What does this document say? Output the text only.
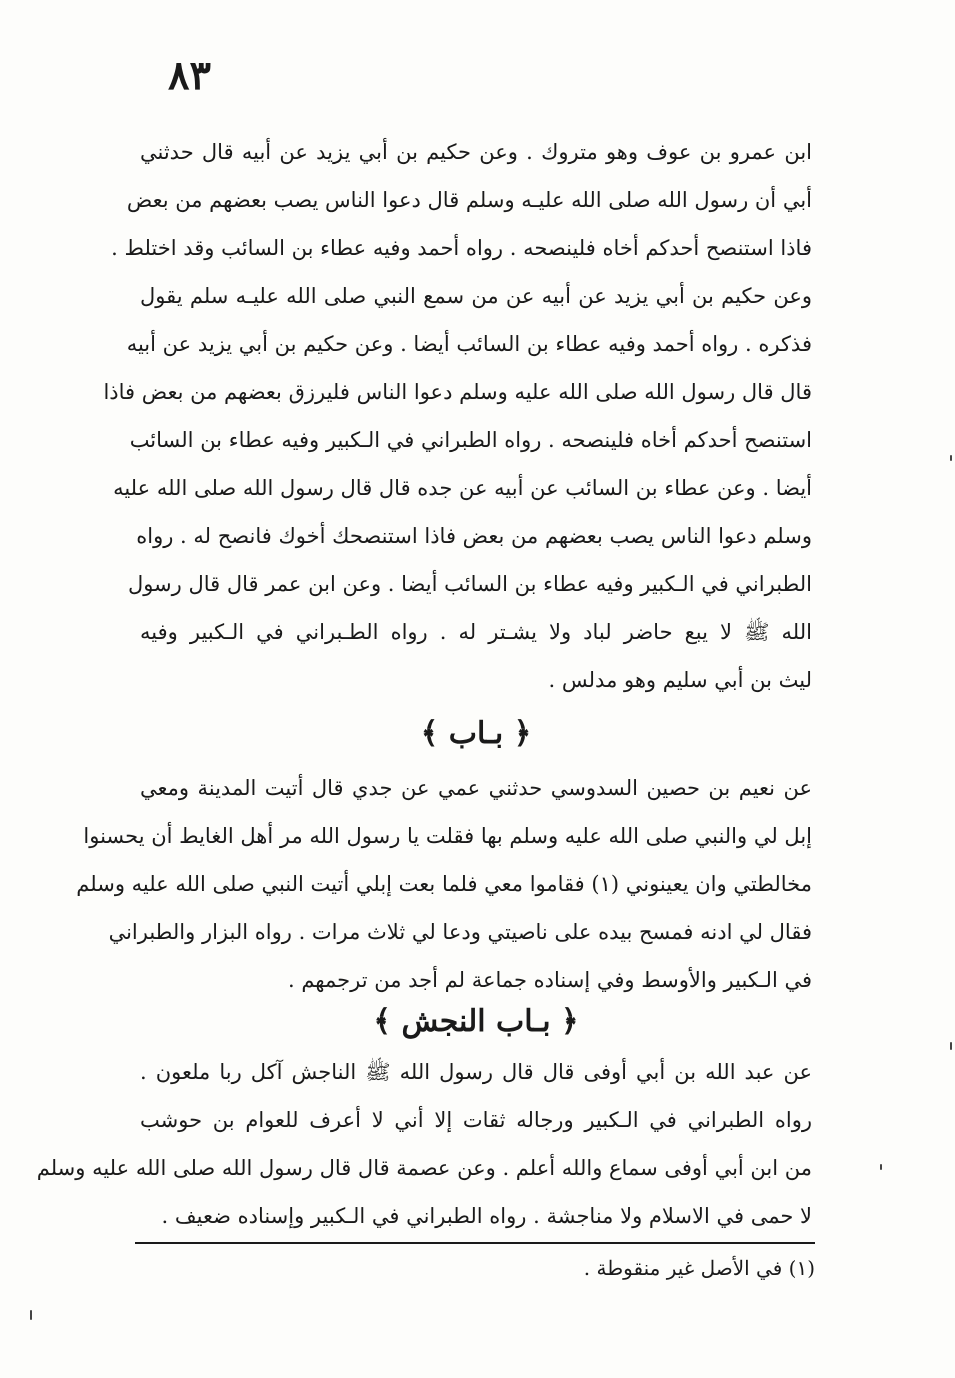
٨٣
ابن عمرو بن عوف وهو متروك . وعن حكيم بن أبي يزيد عن أبيه قال حدثني
أبي أن رسول الله صلى الله عليـه وسلم قال دعوا الناس يصب بعضهم من بعض
فاذا استنصح أحدكم أخاه فلينصحه . رواه أحمد وفيه عطاء بن السائب وقد اختلط .
وعن حكيم بن أبي يزيد عن أبيه عن من سمع النبي صلى الله عليـه سلم يقول
فذكره . رواه أحمد وفيه عطاء بن السائب أيضا . وعن حكيم بن أبي يزيد عن أبيه
قال قال رسول الله صلى الله عليه وسلم دعوا الناس فليرزق بعضهم من بعض فاذا
استنصح أحدكم أخاه فلينصحه . رواه الطبراني في الـكبير وفيه عطاء بن السائب
أيضا . وعن عطاء بن السائب عن أبيه عن جده قال قال رسول الله صلى الله عليه
وسلم دعوا الناس يصب بعضهم من بعض فاذا استنصحك أخوك فانصح له . رواه
الطبراني في الـكبير وفيه عطاء بن السائب أيضا . وعن ابن عمر قال قال رسول
الله ﷺ لا يبع حاضر لباد ولا يشـتر له . رواه الطـبراني في الـكبير وفيه
ليث بن أبي سليم وهو مدلس .
﴿ بـاب ﴾
عن نعيم بن حصين السدوسي حدثني عمي عن جدي قال أتيت المدينة ومعي
إبل لي والنبي صلى الله عليه وسلم بها فقلت يا رسول الله مر أهل الغايط أن يحسنوا
مخالطتي وان يعينوني (١) فقاموا معي فلما بعت إبلي أتيت النبي صلى الله عليه وسلم
فقال لي ادنه فمسح بيده على ناصيتي ودعا لي ثلاث مرات . رواه البزار والطبراني
في الـكبير والأوسط وفي إسناده جماعة لم أجد من ترجمهم .
﴿ بـاب النجش ﴾
عن عبد الله بن أبي أوفى قال قال رسول الله ﷺ الناجش آكل ربا ملعون .
رواه الطبراني في الـكبير ورجاله ثقات إلا أني لا أعرف للعوام بن حوشب
من ابن أبي أوفى سماع والله أعلم . وعن عصمة قال قال رسول الله صلى الله عليه وسلم
لا حمى في الاسلام ولا مناجشة . رواه الطبراني في الـكبير وإسناده ضعيف .
(١) في الأصل غير منقوطة .
